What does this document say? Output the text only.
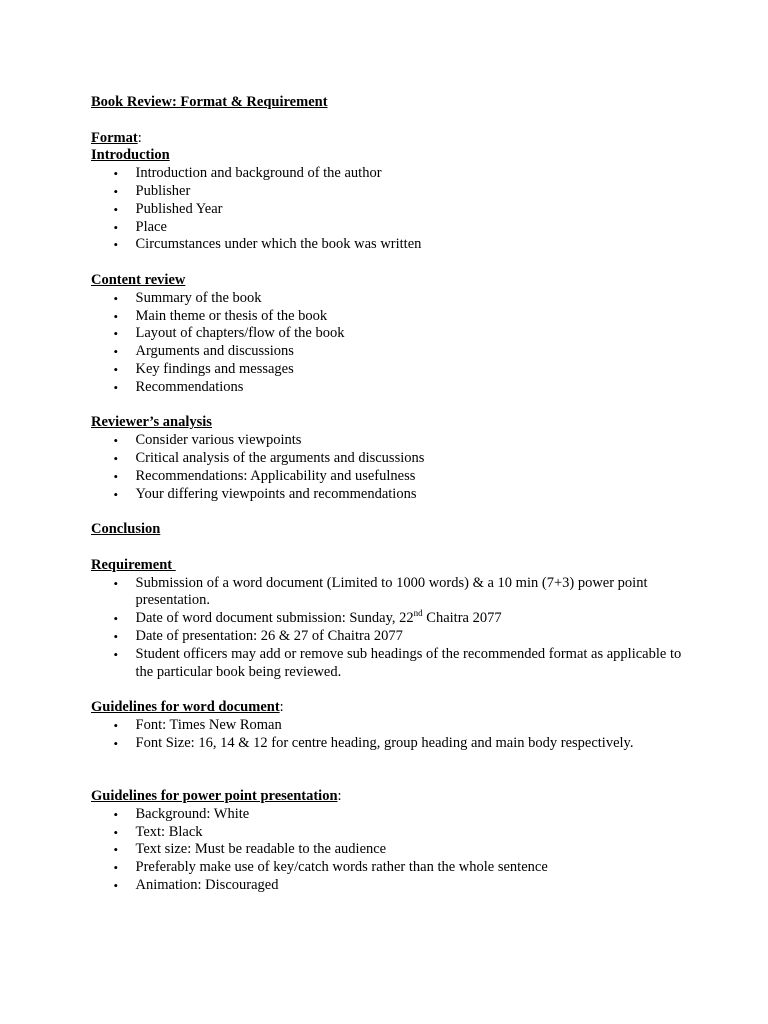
Book Review: Format & Requirement
Format:
Introduction
• Introduction and background of the author
• Publisher
• Published Year
• Place
• Circumstances under which the book was written
Content review
• Summary of the book
• Main theme or thesis of the book
• Layout of chapters/flow of the book
• Arguments and discussions
• Key findings and messages
• Recommendations
Reviewer’s analysis
• Consider various viewpoints
• Critical analysis of the arguments and discussions
• Recommendations: Applicability and usefulness
• Your differing viewpoints and recommendations
Conclusion
Requirement
• Submission of a word document (Limited to 1000 words) & a 10 min (7+3) power point presentation.
• Date of word document submission: Sunday, 22nd Chaitra 2077
• Date of presentation: 26 & 27 of Chaitra 2077
• Student officers may add or remove sub headings of the recommended format as applicable to the particular book being reviewed.
Guidelines for word document:
• Font: Times New Roman
• Font Size: 16, 14 & 12 for centre heading, group heading and main body respectively.
Guidelines for power point presentation:
• Background: White
• Text: Black
• Text size: Must be readable to the audience
• Preferably make use of key/catch words rather than the whole sentence
• Animation: Discouraged
